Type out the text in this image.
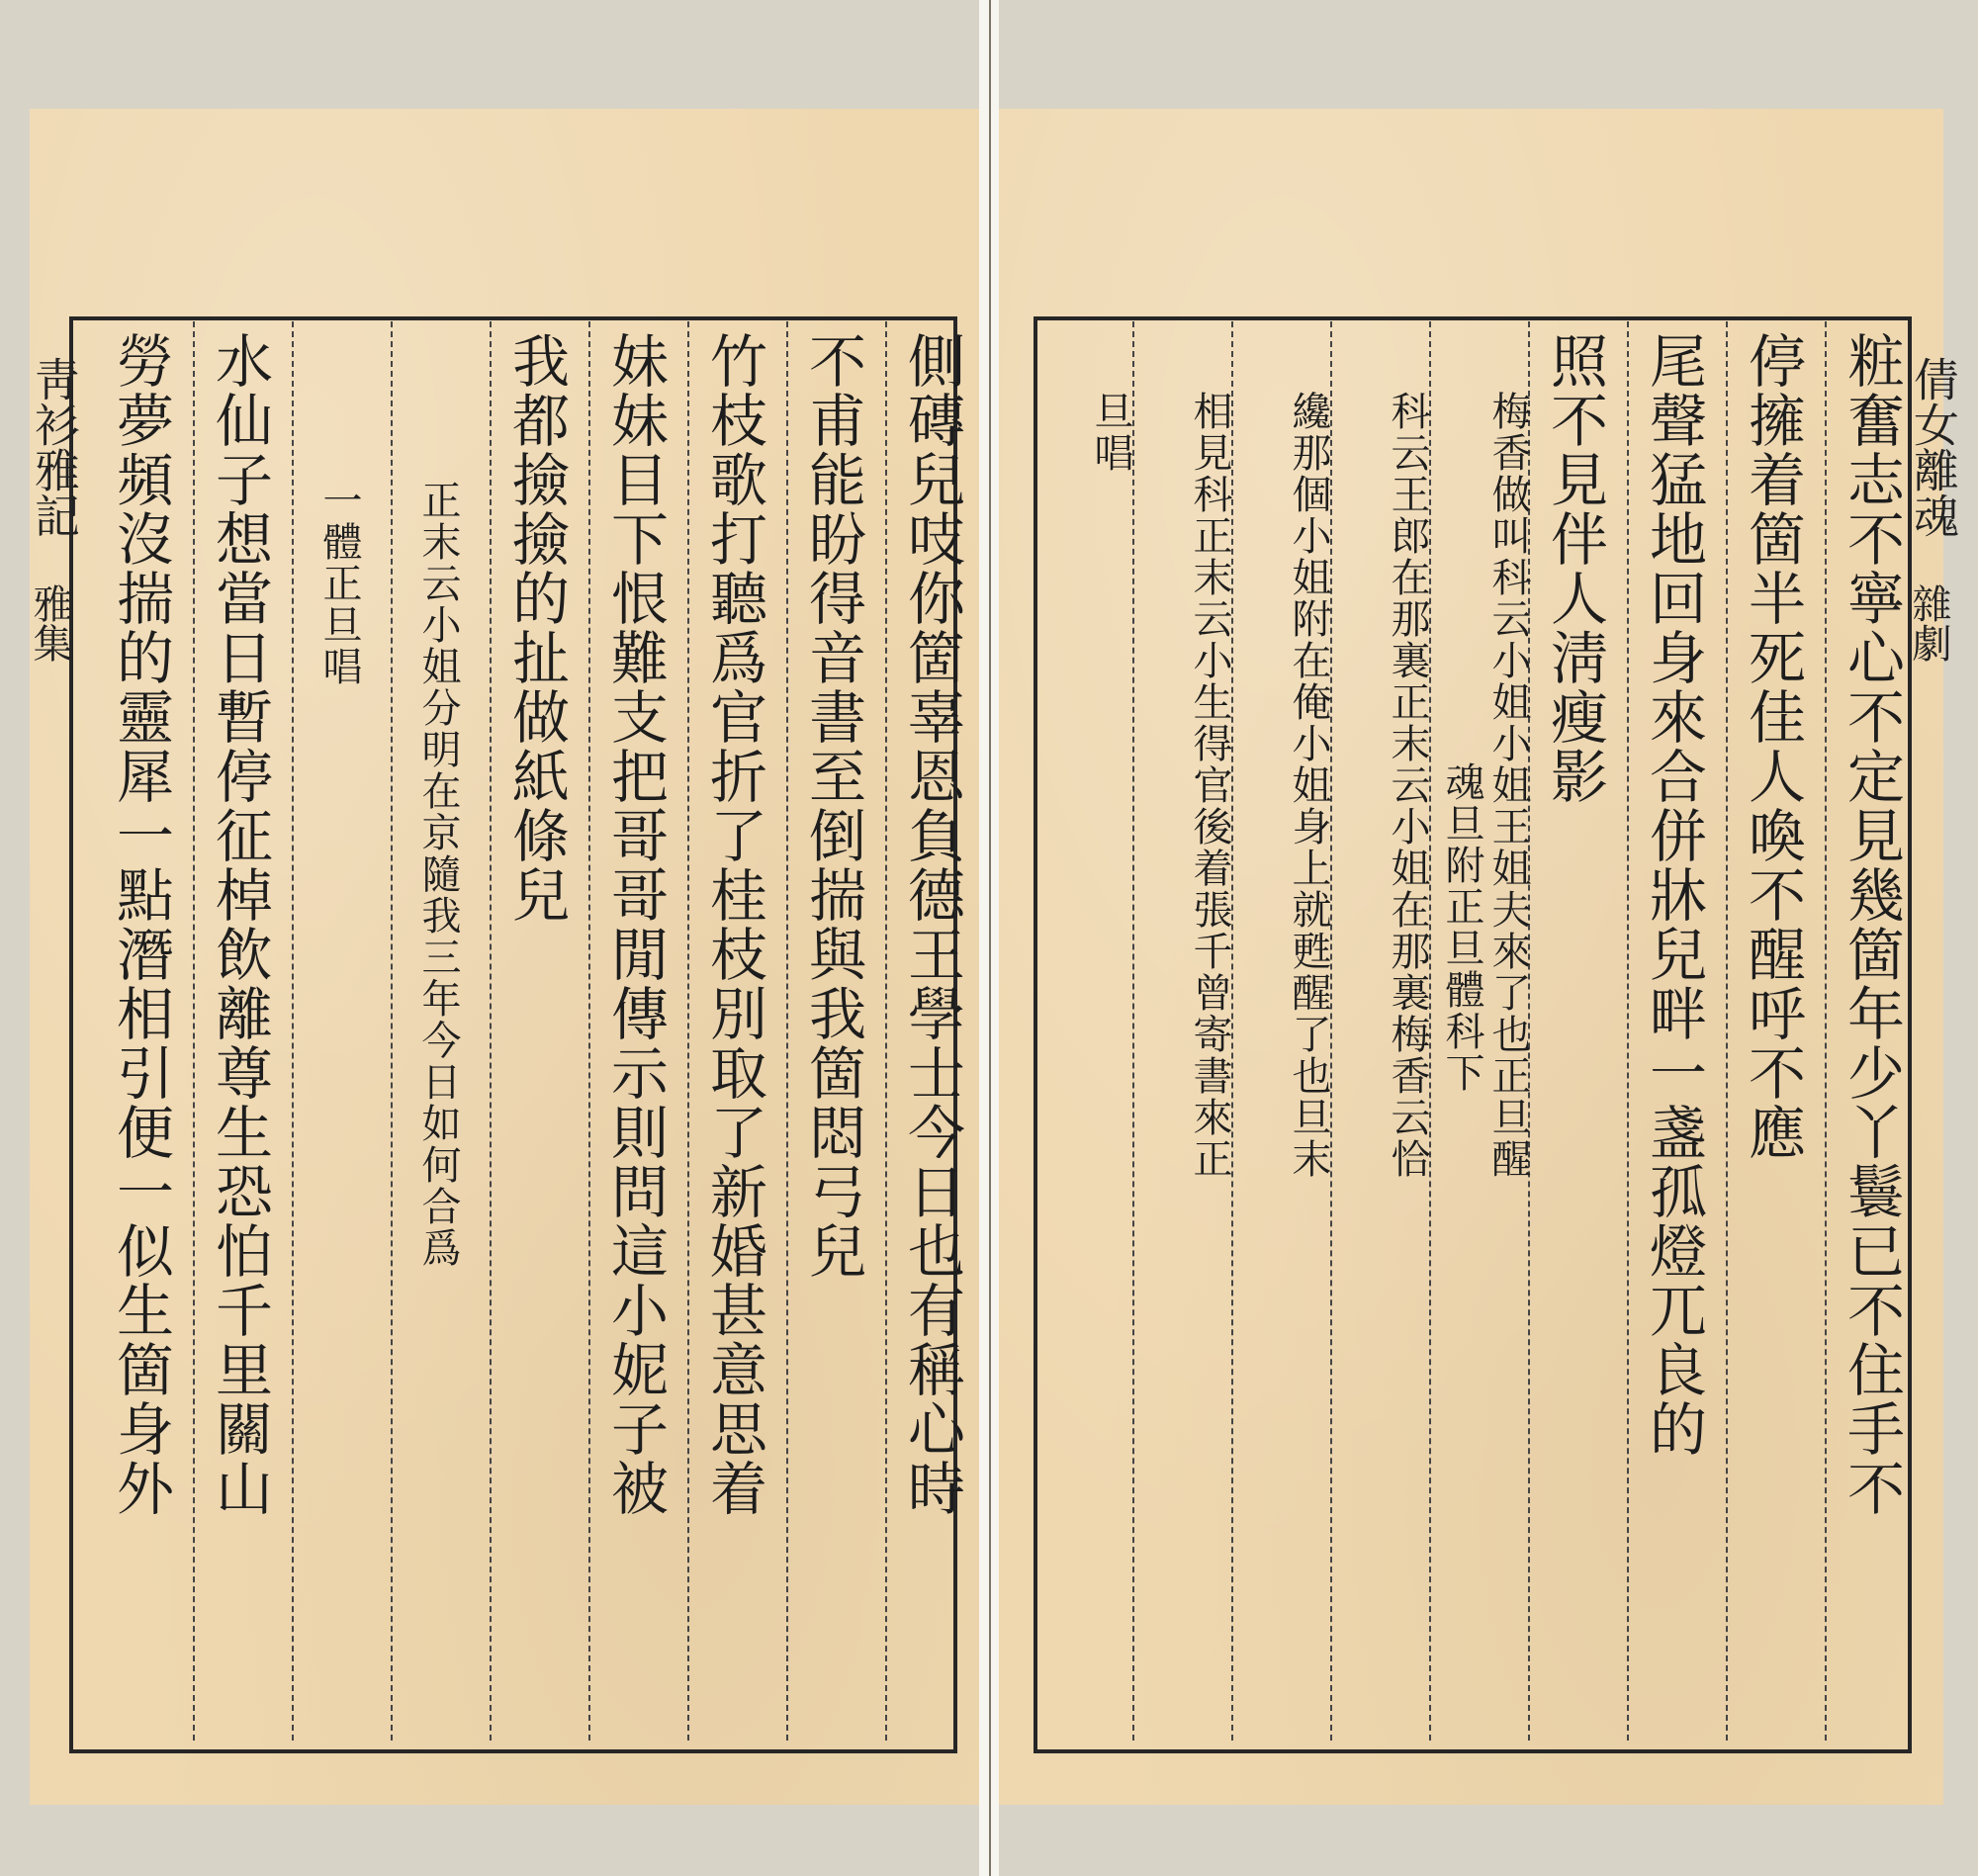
靑衫雅記
雅集	側磚兒吱你箇辜恩負德王學士今日也有稱心時
不甫能盼得音書至倒揣與我箇悶弓兒
竹枝歌打聽爲官折了桂枝別取了新婚甚意思着
妹妹目下恨難支把哥哥閒傳示則問這小妮子被
我都撿撿的扯做紙條兒
正末云小姐分明在京隨我三年今日如何合爲
一體正旦唱
水仙子想當日暫停征棹飲離尊生恐怕千里關山
勞夢頻沒揣的靈犀一點潛相引便一似生箇身外	倩女離魂
雜劇
粧奮志不寧心不定見幾箇年少丫鬟已不住手不
停擁着箇半死佳人喚不醒呼不應
尾聲猛地回身來合併牀兒畔一盞孤燈兀良的
照不見伴人淸瘦影
梅香做叫科云小姐小姐王姐夫來了也正旦醒
魂旦附正旦體科下
科云王郎在那裏正末云小姐在那裏梅香云恰
纔那個小姐附在俺小姐身上就甦醒了也旦末
相見科正末云小生得官後着張千曾寄書來正
旦唱
